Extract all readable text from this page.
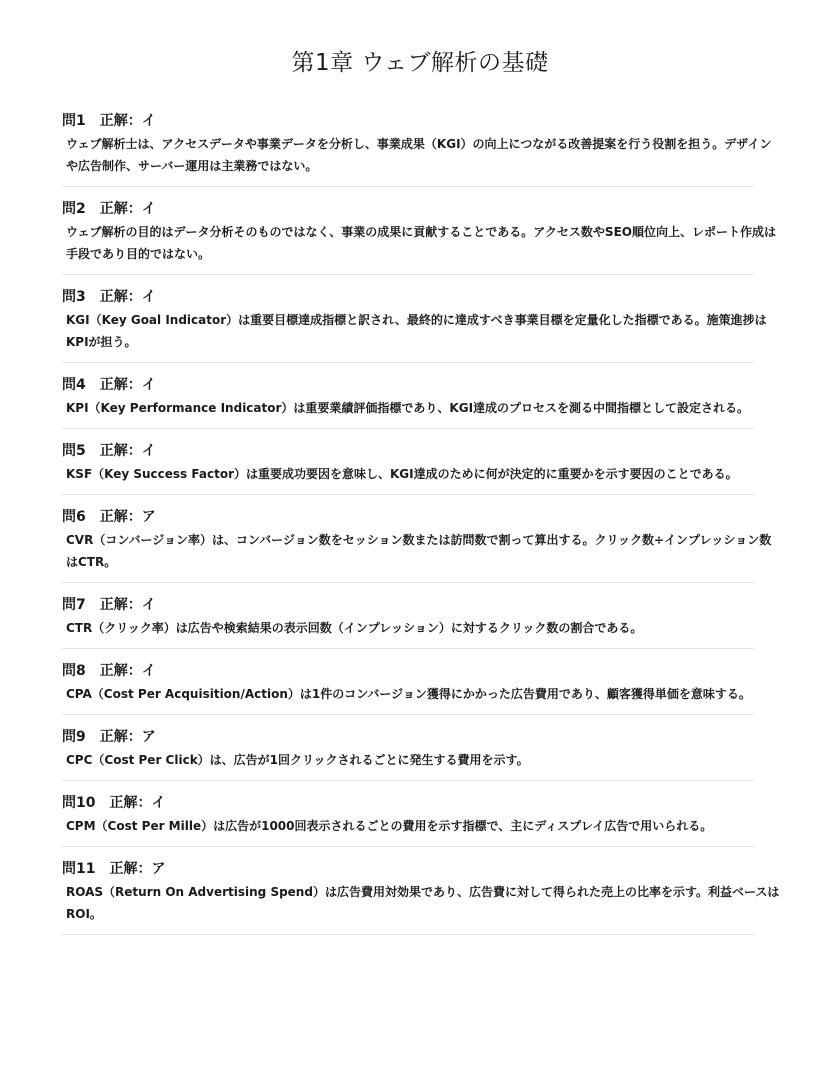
第1章 ウェブ解析の基礎
問1 正解：イ
ウェブ解析士は、アクセスデータや事業データを分析し、事業成果（KGI）の向上につながる改善提案を行う役割を担う。デザインや広告制作、サーバー運用は主業務ではない。
問2 正解：イ
ウェブ解析の目的はデータ分析そのものではなく、事業の成果に貢献することである。アクセス数やSEO順位向上、レポート作成は手段であり目的ではない。
問3 正解：イ
KGI（Key Goal Indicator）は重要目標達成指標と訳され、最終的に達成すべき事業目標を定量化した指標である。施策進捗はKPIが担う。
問4 正解：イ
KPI（Key Performance Indicator）は重要業績評価指標であり、KGI達成のプロセスを測る中間指標として設定される。
問5 正解：イ
KSF（Key Success Factor）は重要成功要因を意味し、KGI達成のために何が決定的に重要かを示す要因のことである。
問6 正解：ア
CVR（コンバージョン率）は、コンバージョン数をセッション数または訪問数で割って算出する。クリック数÷インプレッション数はCTR。
問7 正解：イ
CTR（クリック率）は広告や検索結果の表示回数（インプレッション）に対するクリック数の割合である。
問8 正解：イ
CPA（Cost Per Acquisition/Action）は1件のコンバージョン獲得にかかった広告費用であり、顧客獲得単価を意味する。
問9 正解：ア
CPC（Cost Per Click）は、広告が1回クリックされるごとに発生する費用を示す。
問10 正解：イ
CPM（Cost Per Mille）は広告が1000回表示されるごとの費用を示す指標で、主にディスプレイ広告で用いられる。
問11 正解：ア
ROAS（Return On Advertising Spend）は広告費用対効果であり、広告費に対して得られた売上の比率を示す。利益ベースはROI。
